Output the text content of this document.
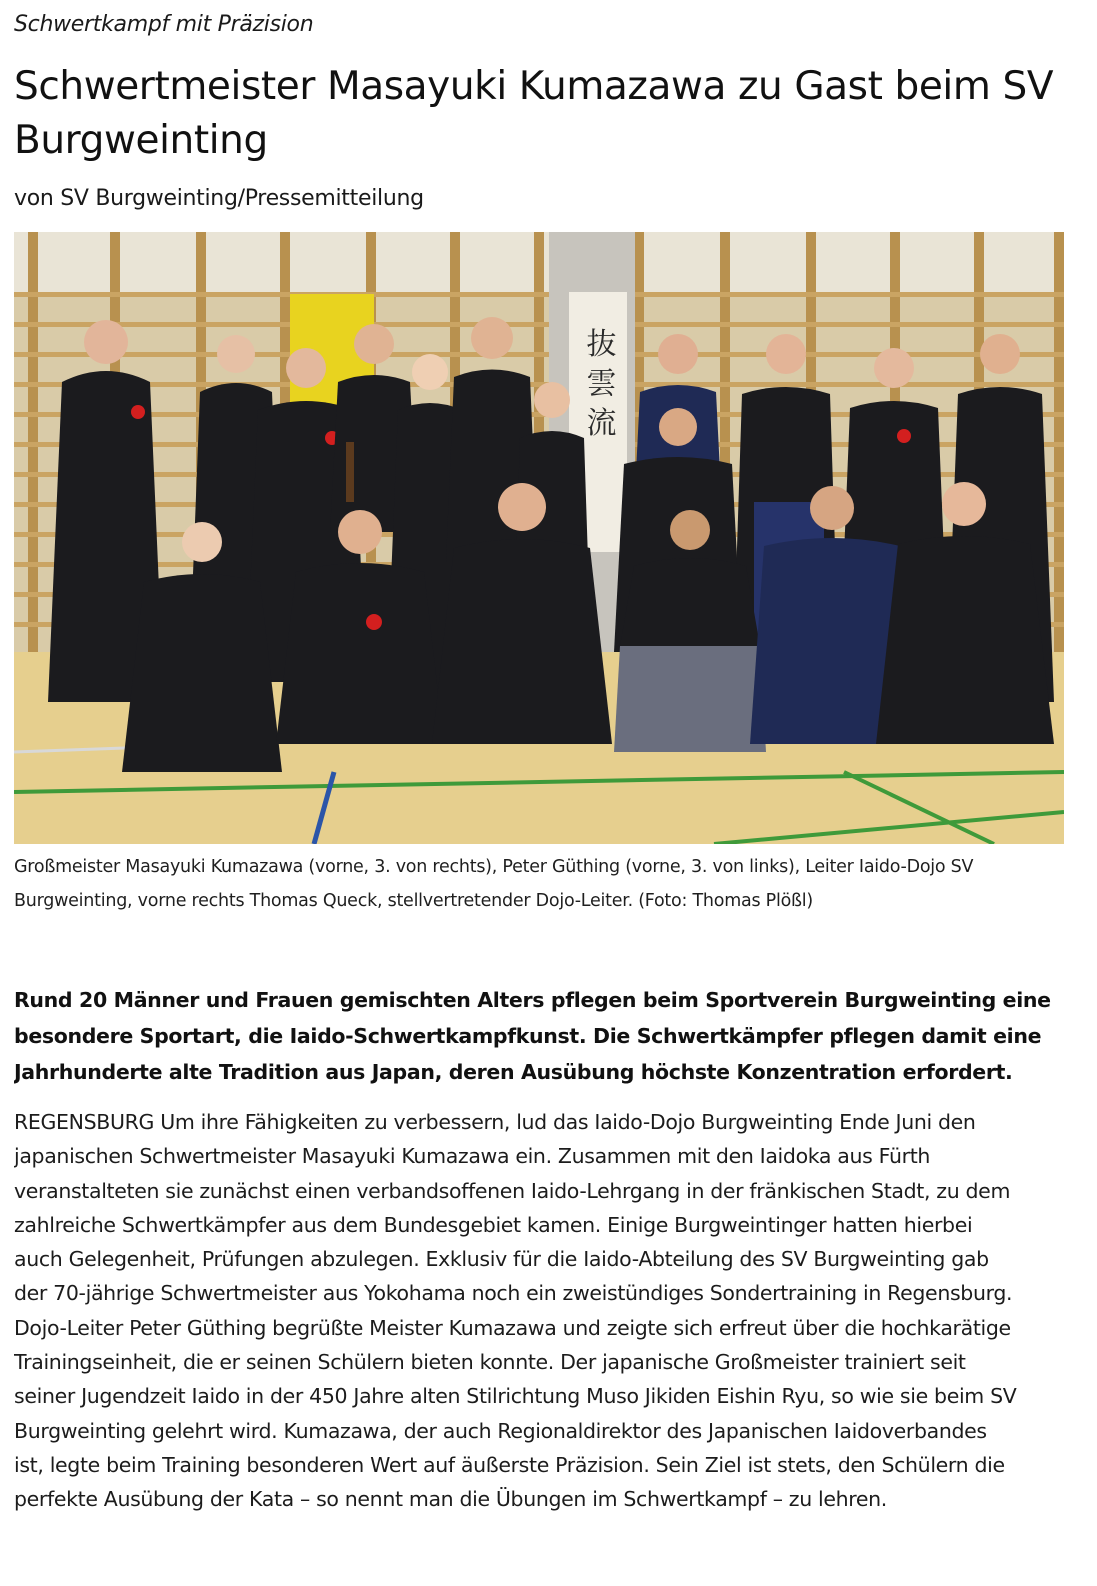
Schwertkampf mit Präzision
Schwertmeister Masayuki Kumazawa zu Gast beim SV
Burgweinting
von SV Burgweinting/Pressemitteilung
抜 雲 流
Großmeister Masayuki Kumazawa (vorne, 3. von rechts), Peter Güthing (vorne, 3. von links), Leiter Iaido-Dojo SV
Burgweinting, vorne rechts Thomas Queck, stellvertretender Dojo-Leiter. (Foto: Thomas Plößl)
Rund 20 Männer und Frauen gemischten Alters pflegen beim Sportverein Burgweinting eine
besondere Sportart, die Iaido-Schwertkampfkunst. Die Schwertkämpfer pflegen damit eine
Jahrhunderte alte Tradition aus Japan, deren Ausübung höchste Konzentration erfordert.
REGENSBURG Um ihre Fähigkeiten zu verbessern, lud das Iaido-Dojo Burgweinting Ende Juni den
japanischen Schwertmeister Masayuki Kumazawa ein. Zusammen mit den Iaidoka aus Fürth
veranstalteten sie zunächst einen verbandsoffenen Iaido-Lehrgang in der fränkischen Stadt, zu dem
zahlreiche Schwertkämpfer aus dem Bundesgebiet kamen. Einige Burgweintinger hatten hierbei
auch Gelegenheit, Prüfungen abzulegen. Exklusiv für die Iaido-Abteilung des SV Burgweinting gab
der 70-jährige Schwertmeister aus Yokohama noch ein zweistündiges Sondertraining in Regensburg.
Dojo-Leiter Peter Güthing begrüßte Meister Kumazawa und zeigte sich erfreut über die hochkarätige
Trainingseinheit, die er seinen Schülern bieten konnte. Der japanische Großmeister trainiert seit
seiner Jugendzeit Iaido in der 450 Jahre alten Stilrichtung Muso Jikiden Eishin Ryu, so wie sie beim SV
Burgweinting gelehrt wird. Kumazawa, der auch Regionaldirektor des Japanischen Iaidoverbandes
ist, legte beim Training besonderen Wert auf äußerste Präzision. Sein Ziel ist stets, den Schülern die
perfekte Ausübung der Kata – so nennt man die Übungen im Schwertkampf – zu lehren.
